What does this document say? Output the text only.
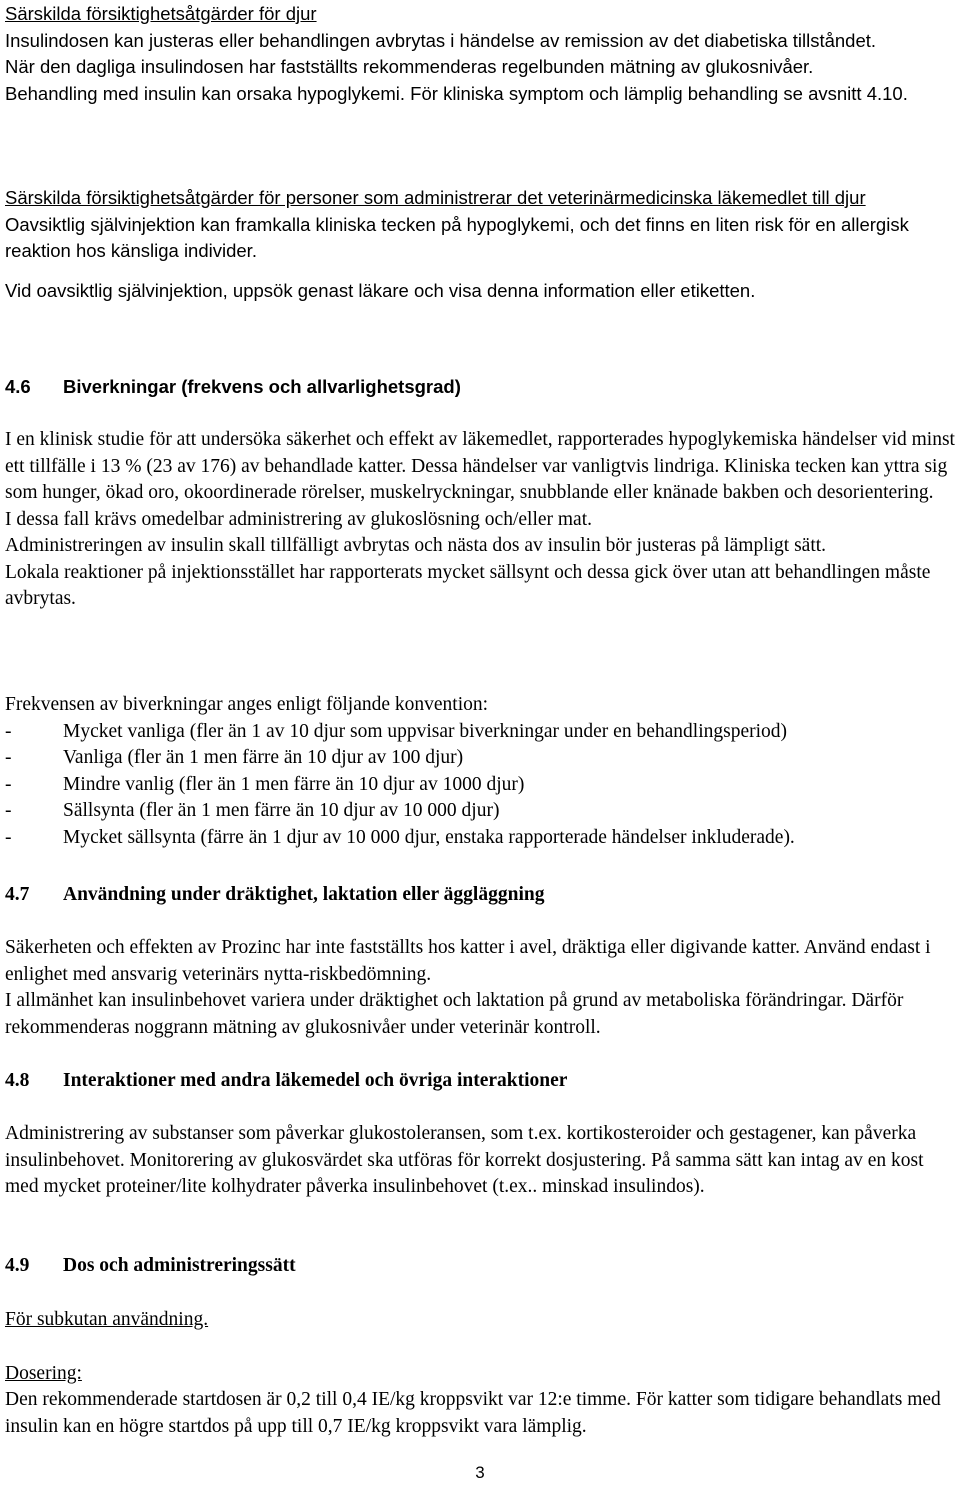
Särskilda försiktighetsåtgärder för djur

Insulindosen kan justeras eller behandlingen avbrytas i händelse av remission av det diabetiska tillståndet.

När den dagliga insulindosen har fastställts rekommenderas regelbunden mätning av glukosnivåer.

Behandling med insulin kan orsaka hypoglykemi. För kliniska symptom och lämplig behandling se avsnitt 4.10.

Särskilda försiktighetsåtgärder för personer som administrerar det veterinärmedicinska läkemedlet till djur

Oavsiktlig självinjektion kan framkalla kliniska tecken på hypoglykemi, och det finns en liten risk för en allergisk reaktion hos känsliga individer.

Vid oavsiktlig självinjektion, uppsök genast läkare och visa denna information eller etiketten.

4.6 Biverkningar (frekvens och allvarlighetsgrad)

I en klinisk studie för att undersöka säkerhet och effekt av läkemedlet, rapporterades hypoglykemiska händelser vid minst ett tillfälle i 13 % (23 av 176) av behandlade katter. Dessa händelser var vanligtvis lindriga. Kliniska tecken kan yttra sig som hunger, ökad oro, okoordinerade rörelser, muskelryckningar, snubblande eller knänade bakben och desorientering.

I dessa fall krävs omedelbar administrering av glukoslösning och/eller mat.

Administreringen av insulin skall tillfälligt avbrytas och nästa dos av insulin bör justeras på lämpligt sätt.

Lokala reaktioner på injektionsstället har rapporterats mycket sällsynt och dessa gick över utan att behandlingen måste avbrytas.

Frekvensen av biverkningar anges enligt följande konvention:

-	Mycket vanliga (fler än 1 av 10 djur som uppvisar biverkningar under en behandlingsperiod)

-	Vanliga (fler än 1 men färre än 10 djur av 100 djur)

-	Mindre vanlig (fler än 1 men färre än 10 djur av 1000 djur)

-	Sällsynta (fler än 1 men färre än 10 djur av 10 000 djur)

-	Mycket sällsynta (färre än 1 djur av 10 000 djur, enstaka rapporterade händelser inkluderade).

4.7 Användning under dräktighet, laktation eller äggläggning

Säkerheten och effekten av Prozinc har inte fastställts hos katter i avel, dräktiga eller digivande katter. Använd endast i enlighet med ansvarig veterinärs nytta-riskbedömning.

I allmänhet kan insulinbehovet variera under dräktighet och laktation på grund av metaboliska förändringar. Därför rekommenderas noggrann mätning av glukosnivåer under veterinär kontroll.

4.8 Interaktioner med andra läkemedel och övriga interaktioner

Administrering av substanser som påverkar glukostoleransen, som t.ex. kortikosteroider och gestagener, kan påverka insulinbehovet. Monitorering av glukosvärdet ska utföras för korrekt dosjustering. På samma sätt kan intag av en kost med mycket proteiner/lite kolhydrater påverka insulinbehovet (t.ex.. minskad insulindos).

4.9 Dos och administreringssätt

För subkutan användning.

Dosering:

Den rekommenderade startdosen är 0,2 till 0,4 IE/kg kroppsvikt var 12:e timme. För katter som tidigare behandlats med insulin kan en högre startdos på upp till 0,7 IE/kg kroppsvikt vara lämplig.

3
